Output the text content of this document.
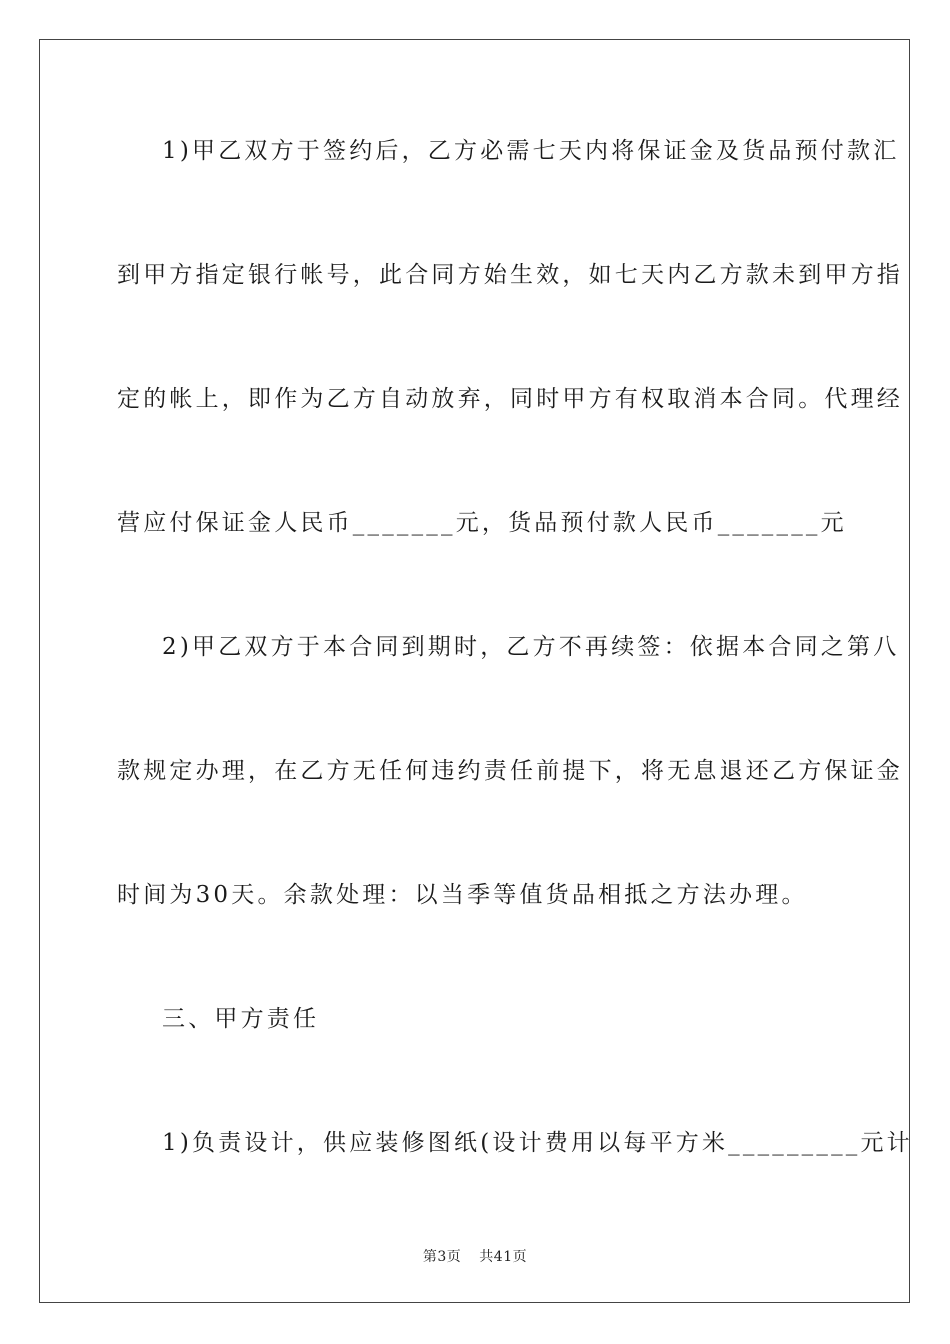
1)甲乙双方于签约后，乙方必需七天内将保证金及货品预付款汇
到甲方指定银行帐号，此合同方始生效，如七天内乙方款未到甲方指
定的帐上，即作为乙方自动放弃，同时甲方有权取消本合同。代理经
营应付保证金人民币_______元，货品预付款人民币_______元
2)甲乙双方于本合同到期时，乙方不再续签：依据本合同之第八
款规定办理，在乙方无任何违约责任前提下，将无息退还乙方保证金
时间为30天。余款处理：以当季等值货品相抵之方法办理。
三、甲方责任
1)负责设计，供应装修图纸(设计费用以每平方米_________元计
第3页 共41页
